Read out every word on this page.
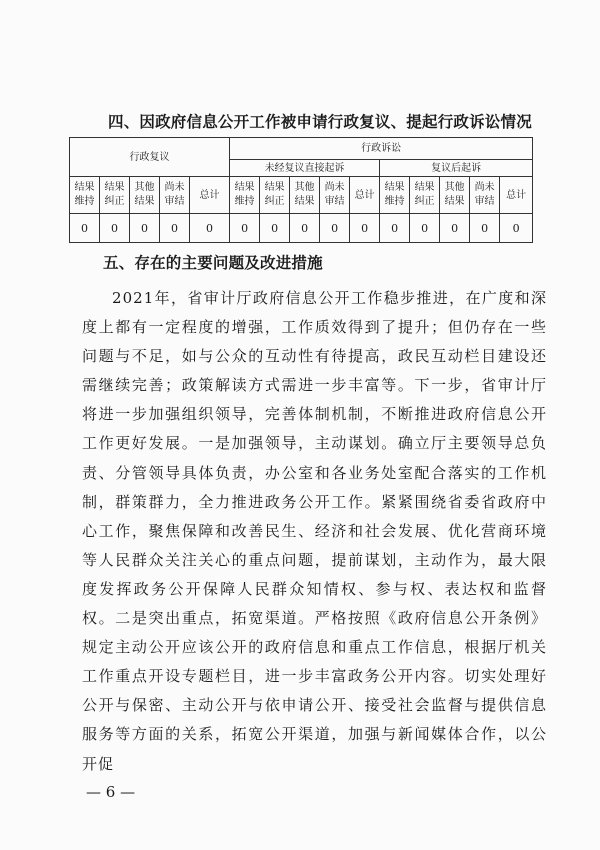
四、因政府信息公开工作被申请行政复议、提起行政诉讼情况
行政复议					行政诉讼									
					未经复议直接起诉					复议后起诉				
结果维持	结果纠正	其他结果	尚未审结	总计	结果维持	结果纠正	其他结果	尚未审结	总计	结果维持	结果纠正	其他结果	尚未审结	总计
0	0	0	0	0	0	0	0	0	0	0	0	0	0	0
五、存在的主要问题及改进措施
2021年，省审计厅政府信息公开工作稳步推进，在广度和深度上都有一定程度的增强，工作质效得到了提升；但仍存在一些问题与不足，如与公众的互动性有待提高，政民互动栏目建设还需继续完善；政策解读方式需进一步丰富等。下一步，省审计厅将进一步加强组织领导，完善体制机制，不断推进政府信息公开工作更好发展。一是加强领导，主动谋划。确立厅主要领导总负责、分管领导具体负责，办公室和各业务处室配合落实的工作机制，群策群力，全力推进政务公开工作。紧紧围绕省委省政府中心工作，聚焦保障和改善民生、经济和社会发展、优化营商环境等人民群众关注关心的重点问题，提前谋划，主动作为，最大限度发挥政务公开保障人民群众知情权、参与权、表达权和监督权。二是突出重点，拓宽渠道。严格按照《政府信息公开条例》规定主动公开应该公开的政府信息和重点工作信息，根据厅机关工作重点开设专题栏目，进一步丰富政务公开内容。切实处理好公开与保密、主动公开与依申请公开、接受社会监督与提供信息服务等方面的关系，拓宽公开渠道，加强与新闻媒体合作，以公开促
— 6 —
